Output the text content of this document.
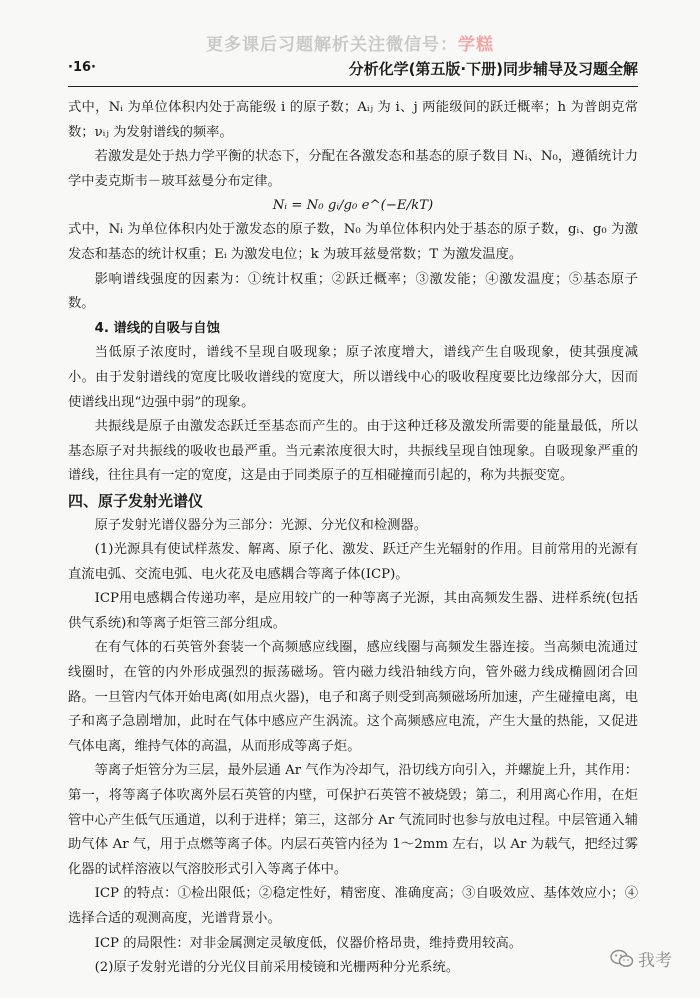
更多课后习题解析关注微信号：学糕
·16·	分析化学(第五版·下册)同步辅导及习题全解

式中，Nᵢ 为单位体积内处于高能级 i 的原子数；Aᵢⱼ 为 i、j 两能级间的跃迁概率；h 为普朗克常数；νᵢⱼ 为发射谱线的频率。

若激发是处于热力学平衡的状态下，分配在各激发态和基态的原子数目 Nᵢ、N₀，遵循统计力学中麦克斯韦－玻耳兹曼分布定律。

Nᵢ = N₀ gᵢ/g₀ e^(−E/kT)

式中，Nᵢ 为单位体积内处于激发态的原子数，N₀ 为单位体积内处于基态的原子数，gᵢ、g₀ 为激发态和基态的统计权重；Eᵢ 为激发电位；k 为玻耳兹曼常数；T 为激发温度。

影响谱线强度的因素为：①统计权重；②跃迁概率；③激发能；④激发温度；⑤基态原子数。

4. 谱线的自吸与自蚀

当低原子浓度时，谱线不呈现自吸现象；原子浓度增大，谱线产生自吸现象，使其强度减小。由于发射谱线的宽度比吸收谱线的宽度大，所以谱线中心的吸收程度要比边缘部分大，因而使谱线出现“边强中弱”的现象。

共振线是原子由激发态跃迁至基态而产生的。由于这种迁移及激发所需要的能量最低，所以基态原子对共振线的吸收也最严重。当元素浓度很大时，共振线呈现自蚀现象。自吸现象严重的谱线，往往具有一定的宽度，这是由于同类原子的互相碰撞而引起的，称为共振变宽。

四、原子发射光谱仪

原子发射光谱仪器分为三部分：光源、分光仪和检测器。

(1)光源具有使试样蒸发、解离、原子化、激发、跃迁产生光辐射的作用。目前常用的光源有直流电弧、交流电弧、电火花及电感耦合等离子体(ICP)。

ICP用电感耦合传递功率，是应用较广的一种等离子光源，其由高频发生器、进样系统(包括供气系统)和等离子炬管三部分组成。

在有气体的石英管外套装一个高频感应线圈，感应线圈与高频发生器连接。当高频电流通过线圈时，在管的内外形成强烈的振荡磁场。管内磁力线沿轴线方向，管外磁力线成椭圆闭合回路。一旦管内气体开始电离(如用点火器)，电子和离子则受到高频磁场所加速，产生碰撞电离，电子和离子急剧增加，此时在气体中感应产生涡流。这个高频感应电流，产生大量的热能，又促进气体电离，维持气体的高温，从而形成等离子炬。

等离子炬管分为三层，最外层通 Ar 气作为冷却气，沿切线方向引入，并螺旋上升，其作用：第一，将等离子体吹离外层石英管的内壁，可保护石英管不被烧毁；第二，利用离心作用，在炬管中心产生低气压通道，以利于进样；第三，这部分 Ar 气流同时也参与放电过程。中层管通入辅助气体 Ar 气，用于点燃等离子体。内层石英管内径为 1～2mm 左右，以 Ar 为载气，把经过雾化器的试样溶液以气溶胶形式引入等离子体中。

ICP 的特点：①检出限低；②稳定性好，精密度、准确度高；③自吸效应、基体效应小；④选择合适的观测高度，光谱背景小。

ICP 的局限性：对非金属测定灵敏度低，仪器价格昂贵，维持费用较高。

(2)原子发射光谱的分光仪目前采用棱镜和光栅两种分光系统。	我考
